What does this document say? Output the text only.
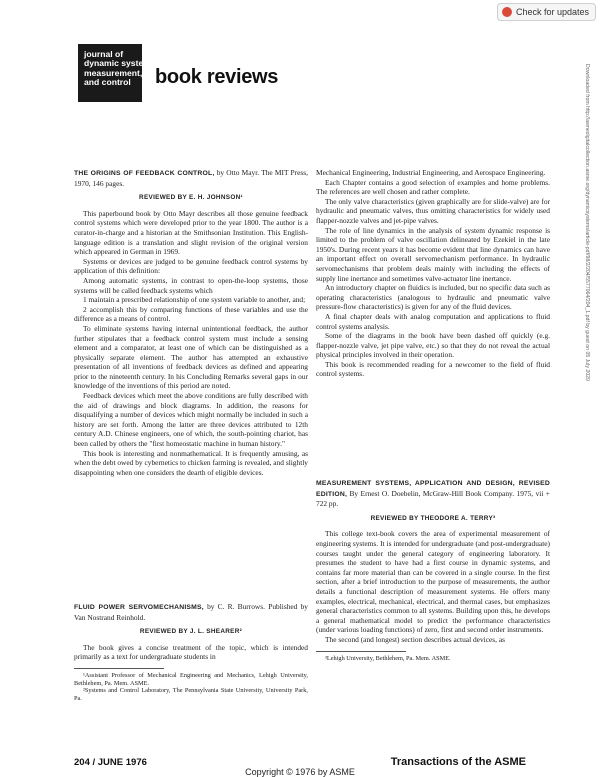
Check for updates
journal of
dynamic systems,
measurement,
and control	book reviews

THE ORIGINS OF FEEDBACK CONTROL, by Otto Mayr. The MIT Press, 1970, 146 pages.

REVIEWED BY E. H. JOHNSON¹

This paperbound book by Otto Mayr describes all those genuine feedback control systems which were developed prior to the year 1800. The author is a curator-in-charge and a historian at the Smithsonian Institution. This English-language edition is a translation and slight revision of the original version which appeared in German in 1969.

Systems or devices are judged to be genuine feedback control systems by application of this definition:

Among automatic systems, in contrast to open-the-loop systems, those systems will be called feedback systems which

1 maintain a prescribed relationship of one system variable to another, and;

2 accomplish this by comparing functions of these variables and use the difference as a means of control.

To eliminate systems having internal unintentional feedback, the author further stipulates that a feedback control system must include a sensing element and a comparator, at least one of which can be distinguished as a physically separate element. The author has attempted an exhaustive presentation of all inventions of feedback devices as defined and appearing prior to the nineteenth century. In his Concluding Remarks several gaps in our knowledge of the inventions of this period are noted.

Feedback devices which meet the above conditions are fully described with the aid of drawings and block diagrams. In addition, the reasons for disqualifying a number of devices which might normally be included in such a history are set forth. Among the latter are three devices attributed to 12th century A.D. Chinese engineers, one of which, the south-pointing chariot, has been called by others the "first homeostatic machine in human history."

This book is interesting and nonmathematical. It is frequently amusing, as when the debt owed by cybernetics to chicken farming is revealed, and slightly disappointing when one considers the dearth of eligible devices.

FLUID POWER SERVOMECHANISMS, by C. R. Burrows. Published by Van Nostrand Reinhold.

REVIEWED BY J. L. SHEARER²

The book gives a concise treatment of the topic, which is intended primarily as a text for undergraduate students in

¹Assistant Professor of Mechanical Engineering and Mechanics, Lehigh University, Bethlehem, Pa. Mem. ASME.

²Systems and Control Laboratory, The Pennsylvania State University, University Park, Pa.

Mechanical Engineering, Industrial Engineering, and Aerospace Engineering.

Each Chapter contains a good selection of examples and home problems. The references are well chosen and rather complete.

The only valve characteristics (given graphically are for slide-valve) are for hydraulic and pneumatic valves, thus omitting characteristics for widely used flapper-nozzle valves and jet-pipe valves.

The role of line dynamics in the analysis of system dynamic response is limited to the problem of valve oscillation delineated by Ezekiel in the late 1950's. During recent years it has become evident that line dynamics can have an important effect on overall servomechanism performance. In hydraulic servomechanisms that problem deals mainly with including the effects of supply line inertance and sometimes valve-actuator line inertance.

An introductory chapter on fluidics is included, but no specific data such as operating characteristics (analogous to hydraulic and pneumatic valve pressure-flow characteristics) is given for any of the fluid devices.

A final chapter deals with analog computation and applications to fluid control systems analysis.

Some of the diagrams in the book have been dashed off quickly (e.g. flapper-nozzle valve, jet pipe valve, etc.) so that they do not reveal the actual physical principles involved in their operation.

This book is recommended reading for a newcomer to the field of fluid control systems.

MEASUREMENT SYSTEMS, APPLICATION AND DESIGN, REVISED EDITION, By Ernest O. Doebelin, McGraw-Hill Book Company. 1975, vii + 722 pp.

REVIEWED BY THEODORE A. TERRY³

This college text-book covers the area of experimental measurement of engineering systems. It is intended for undergraduate (and post-undergraduate) courses taught under the general category of engineering laboratory. It presumes the student to have had a first course in dynamic systems, and contains far more material than can be covered in a single course. In the first section, after a brief introduction to the purpose of measurements, the author details a functional description of measurement systems. He offers many examples, electrical, mechanical, electrical, and thermal cases, but emphasizes general characteristics common to all systems. Building upon this, he develops a general mathematical model to predict the performance characteristics (under various loading functions) of zero, first and second order instruments.

The second (and longest) section describes actual devices, as

³Lehigh University, Bethlehem, Pa. Mem. ASME.

Downloaded from http://asmedigitalcollection.asme.org/dynamicsystems/article-pdf/98/2/204/5577064/204_1.pdf by guest on 05 July 2020
204 / JUNE 1976	Transactions of the ASME
Copyright © 1976 by ASME
